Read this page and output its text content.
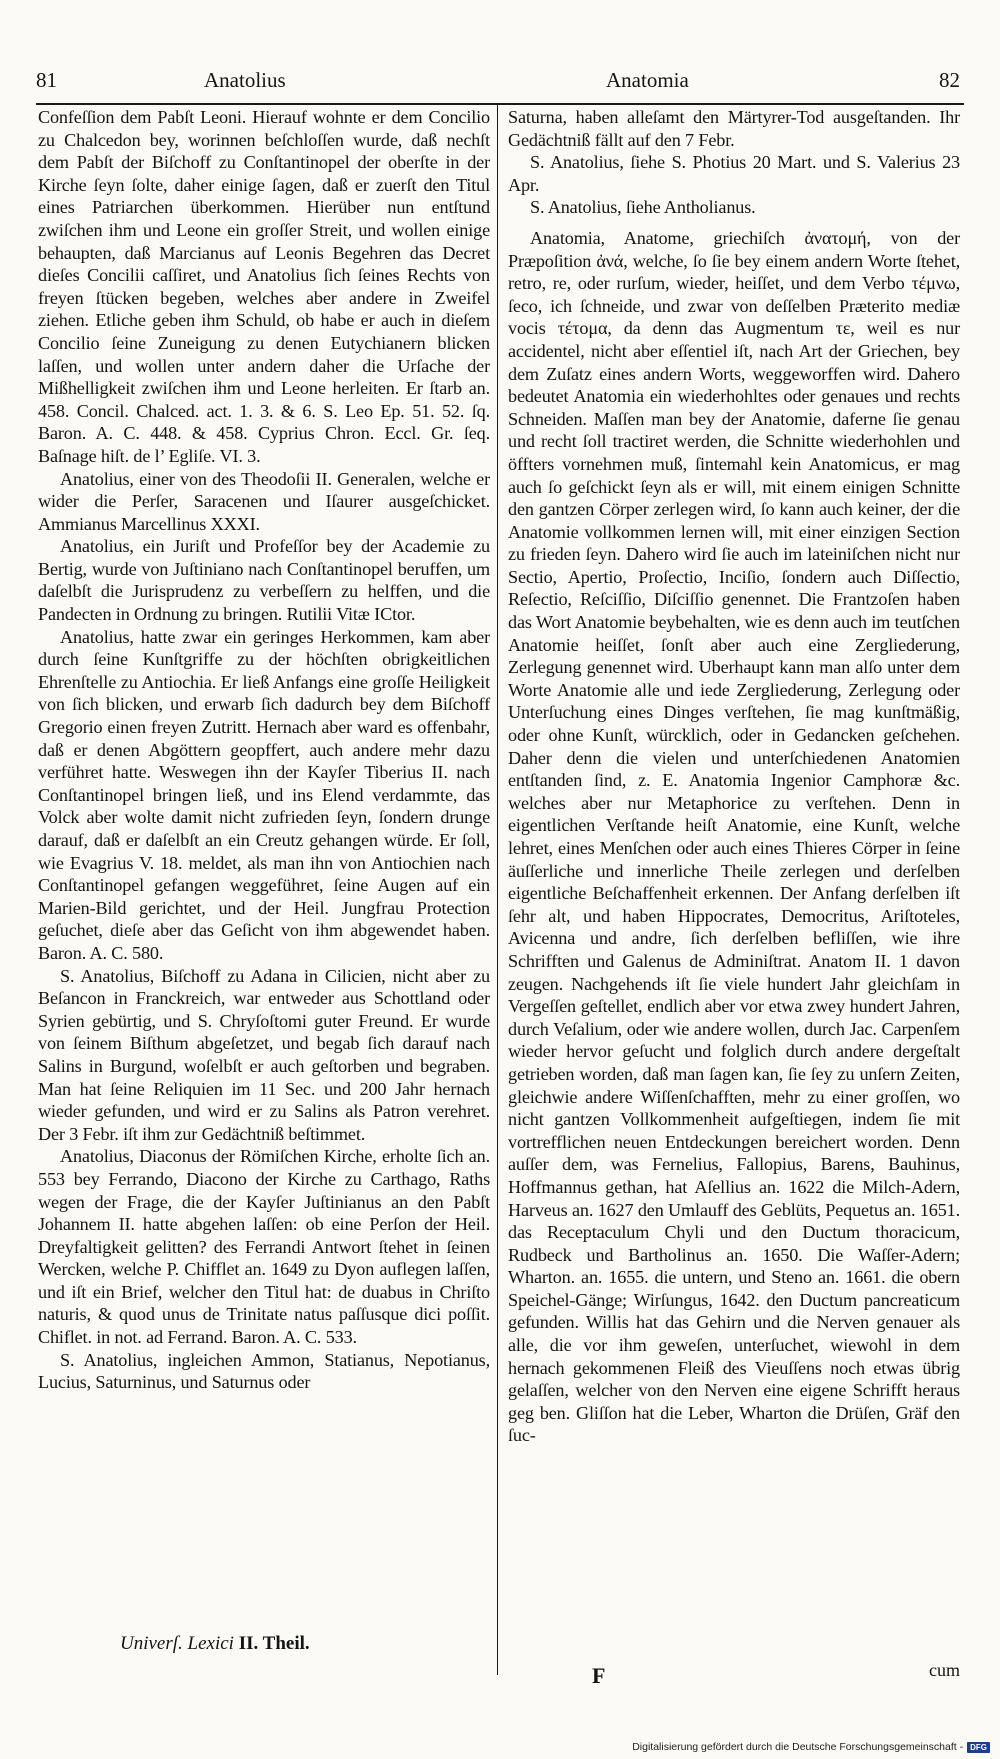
81	Anatolius	Anatomia	82

Confeſſion dem Pabſt Leoni. Hierauf wohnte er dem Concilio zu Chalcedon bey, worinnen beſchloſſen wurde, daß nechſt dem Pabſt der Biſchoff zu Conſtantinopel der oberſte in der Kirche ſeyn ſolte, daher einige ſagen, daß er zuerſt den Titul eines Patriarchen überkommen. Hierüber nun entſtund zwiſchen ihm und Leone ein groſſer Streit, und wollen einige behaupten, daß Marcianus auf Leonis Begehren das Decret dieſes Concilii caſſiret, und Anatolius ſich ſeines Rechts von freyen ſtücken begeben, welches aber andere in Zweifel ziehen. Etliche geben ihm Schuld, ob habe er auch in dieſem Concilio ſeine Zuneigung zu denen Eutychianern blicken laſſen, und wollen unter andern daher die Urſache der Mißhelligkeit zwiſchen ihm und Leone herleiten. Er ſtarb an. 458. Concil. Chalced. act. 1. 3. & 6. S. Leo Ep. 51. 52. ſq. Baron. A. C. 448. & 458. Cyprius Chron. Eccl. Gr. ſeq. Baſnage hiſt. de l’ Egliſe. VI. 3.

Anatolius, einer von des Theodoſii II. Generalen, welche er wider die Perſer, Saracenen und Iſaurer ausgeſchicket. Ammianus Marcellinus XXXI.

Anatolius, ein Juriſt und Profeſſor bey der Academie zu Bertig, wurde von Juſtiniano nach Conſtantinopel beruffen, um daſelbſt die Jurisprudenz zu verbeſſern zu helffen, und die Pandecten in Ordnung zu bringen. Rutilii Vitæ ICtor.

Anatolius, hatte zwar ein geringes Herkommen, kam aber durch ſeine Kunſtgriffe zu der höchſten obrigkeitlichen Ehrenſtelle zu Antiochia. Er ließ Anfangs eine groſſe Heiligkeit von ſich blicken, und erwarb ſich dadurch bey dem Biſchoff Gregorio einen freyen Zutritt. Hernach aber ward es offenbahr, daß er denen Abgöttern geopffert, auch andere mehr dazu verführet hatte. Weswegen ihn der Kayſer Tiberius II. nach Conſtantinopel bringen ließ, und ins Elend verdammte, das Volck aber wolte damit nicht zufrieden ſeyn, ſondern drunge darauf, daß er daſelbſt an ein Creutz gehangen würde. Er ſoll, wie Evagrius V. 18. meldet, als man ihn von Antiochien nach Conſtantinopel gefangen weggeführet, ſeine Augen auf ein Marien-Bild gerichtet, und der Heil. Jungfrau Protection geſuchet, dieſe aber das Geſicht von ihm abgewendet haben. Baron. A. C. 580.

S. Anatolius, Biſchoff zu Adana in Cilicien, nicht aber zu Beſancon in Franckreich, war entweder aus Schottland oder Syrien gebürtig, und S. Chryſoſtomi guter Freund. Er wurde von ſeinem Biſthum abgeſetzet, und begab ſich darauf nach Salins in Burgund, woſelbſt er auch geſtorben und begraben. Man hat ſeine Reliquien im 11 Sec. und 200 Jahr hernach wieder gefunden, und wird er zu Salins als Patron verehret. Der 3 Febr. iſt ihm zur Gedächtniß beſtimmet.

Anatolius, Diaconus der Römiſchen Kirche, erholte ſich an. 553 bey Ferrando, Diacono der Kirche zu Carthago, Raths wegen der Frage, die der Kayſer Juſtinianus an den Pabſt Johannem II. hatte abgehen laſſen: ob eine Perſon der Heil. Dreyfaltigkeit gelitten? des Ferrandi Antwort ſtehet in ſeinen Wercken, welche P. Chifflet an. 1649 zu Dyon auflegen laſſen, und iſt ein Brief, welcher den Titul hat: de duabus in Chriſto naturis, & quod unus de Trinitate natus paſſusque dici poſſit. Chiflet. in not. ad Ferrand. Baron. A. C. 533.

S. Anatolius, ingleichen Ammon, Statianus, Nepotianus, Lucius, Saturninus, und Saturnus oder

Saturna, haben alleſamt den Märtyrer-Tod ausgeſtanden. Ihr Gedächtniß fällt auf den 7 Febr.

S. Anatolius, ſiehe S. Photius 20 Mart. und S. Valerius 23 Apr.

S. Anatolius, ſiehe Antholianus.

Anatomia, Anatome, griechiſch ἀνατομή, von der Præpoſition ἀνά, welche, ſo ſie bey einem andern Worte ſtehet, retro, re, oder rurſum, wieder, heiſſet, und dem Verbo τέμνω, ſeco, ich ſchneide, und zwar von deſſelben Præterito mediæ vocis τέτομα, da denn das Augmentum τε, weil es nur accidentel, nicht aber eſſentiel iſt, nach Art der Griechen, bey dem Zuſatz eines andern Worts, weggeworffen wird. Dahero bedeutet Anatomia ein wiederhohltes oder genaues und rechts Schneiden. Maſſen man bey der Anatomie, daferne ſie genau und recht ſoll tractiret werden, die Schnitte wiederhohlen und öffters vornehmen muß, ſintemahl kein Anatomicus, er mag auch ſo geſchickt ſeyn als er will, mit einem einigen Schnitte den gantzen Cörper zerlegen wird, ſo kann auch keiner, der die Anatomie vollkommen lernen will, mit einer einzigen Section zu frieden ſeyn. Dahero wird ſie auch im lateiniſchen nicht nur Sectio, Apertio, Proſectio, Inciſio, ſondern auch Diſſectio, Reſectio, Reſciſſio, Diſciſſio genennet. Die Frantzoſen haben das Wort Anatomie beybehalten, wie es denn auch im teutſchen Anatomie heiſſet, ſonſt aber auch eine Zergliederung, Zerlegung genennet wird. Uberhaupt kann man alſo unter dem Worte Anatomie alle und iede Zergliederung, Zerlegung oder Unterſuchung eines Dinges verſtehen, ſie mag kunſtmäßig, oder ohne Kunſt, würcklich, oder in Gedancken geſchehen. Daher denn die vielen und unterſchiedenen Anatomien entſtanden ſind, z. E. Anatomia Ingenior Camphoræ &c. welches aber nur Metaphorice zu verſtehen. Denn in eigentlichen Verſtande heiſt Anatomie, eine Kunſt, welche lehret, eines Menſchen oder auch eines Thieres Cörper in ſeine äuſſerliche und innerliche Theile zerlegen und derſelben eigentliche Beſchaffenheit erkennen. Der Anfang derſelben iſt ſehr alt, und haben Hippocrates, Democritus, Ariſtoteles, Avicenna und andre, ſich derſelben befliſſen, wie ihre Schrifften und Galenus de Adminiſtrat. Anatom II. 1 davon zeugen. Nachgehends iſt ſie viele hundert Jahr gleichſam in Vergeſſen geſtellet, endlich aber vor etwa zwey hundert Jahren, durch Veſalium, oder wie andere wollen, durch Jac. Carpenſem wieder hervor geſucht und folglich durch andere dergeſtalt getrieben worden, daß man ſagen kan, ſie ſey zu unſern Zeiten, gleichwie andere Wiſſenſchafften, mehr zu einer groſſen, wo nicht gantzen Vollkommenheit aufgeſtiegen, indem ſie mit vortrefflichen neuen Entdeckungen bereichert worden. Denn auſſer dem, was Fernelius, Fallopius, Barens, Bauhinus, Hoffmannus gethan, hat Aſellius an. 1622 die Milch-Adern, Harveus an. 1627 den Umlauff des Geblüts, Pequetus an. 1651. das Receptaculum Chyli und den Ductum thoracicum, Rudbeck und Bartholinus an. 1650. Die Waſſer-Adern; Wharton. an. 1655. die untern, und Steno an. 1661. die obern Speichel-Gänge; Wirſungus, 1642. den Ductum pancreaticum gefunden. Willis hat das Gehirn und die Nerven genauer als alle, die vor ihm geweſen, unterſuchet, wiewohl in dem hernach gekommenen Fleiß des Vieuſſens noch etwas übrig gelaſſen, welcher von den Nerven eine eigene Schrifft heraus geg ben. Gliſſon hat die Leber, Wharton die Drüſen, Gräf den ſuc-

Univerſ. Lexici II. Theil.
F	cum
Digitalisierung gefördert durch die Deutsche Forschungsgemeinschaft - DFG
